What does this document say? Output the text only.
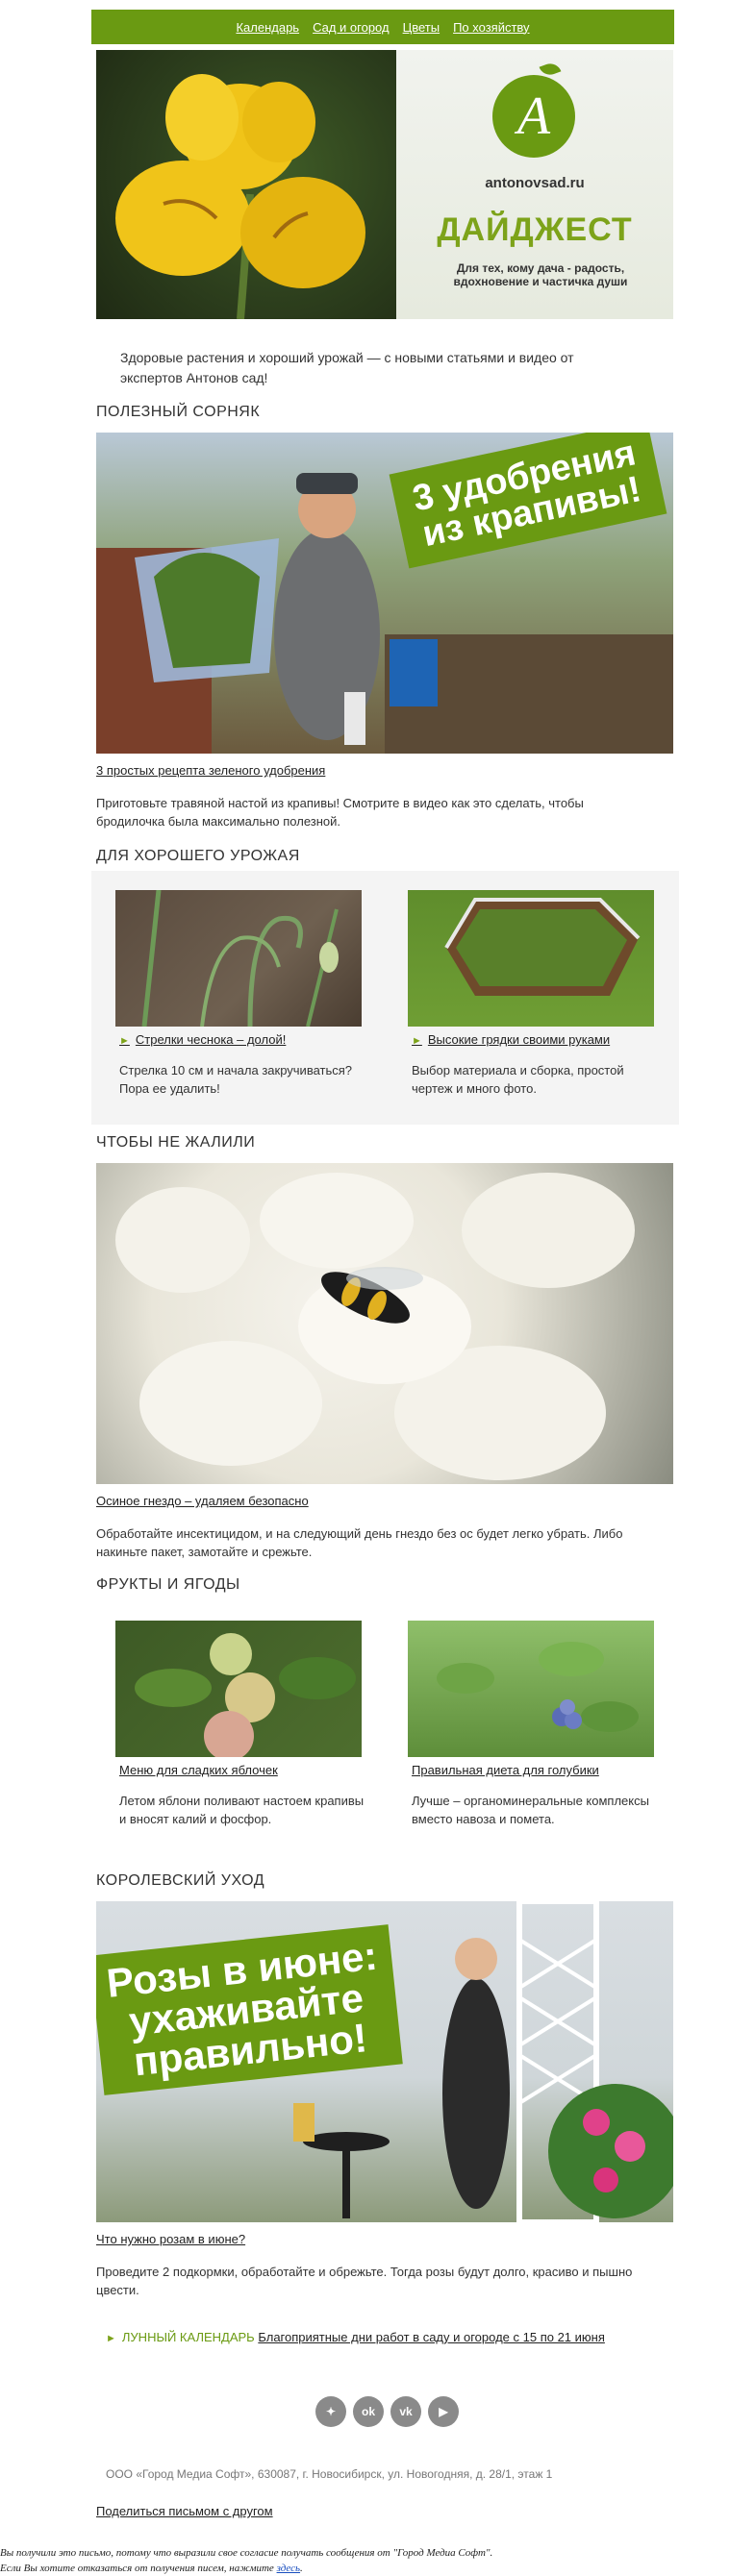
Календарь Сад и огород Цветы По хозяйству
А
antonovsad.ru
ДАЙДЖЕСТ
Для тех, кому дача - радость, вдохновение и частичка души
Здоровые растения и хороший урожай — с новыми статьями и видео от экспертов Антонов сад!
ПОЛЕЗНЫЙ СОРНЯК
3 удобрения из крапивы!
3 простых рецепта зеленого удобрения
Приготовьте травяной настой из крапивы! Смотрите в видео как это сделать, чтобы бродилочка была максимально полезной.
ДЛЯ ХОРОШЕГО УРОЖАЯ
► Стрелки чеснока – долой!
Стрелка 10 см и начала закручиваться? Пора ее удалить!
► Высокие грядки своими руками
Выбор материала и сборка, простой чертеж и много фото.
ЧТОБЫ НЕ ЖАЛИЛИ
Осиное гнездо – удаляем безопасно
Обработайте инсектицидом, и на следующий день гнездо без ос будет легко убрать. Либо накиньте пакет, замотайте и срежьте.
ФРУКТЫ И ЯГОДЫ
Меню для сладких яблочек
Летом яблони поливают настоем крапивы и вносят калий и фосфор.
Правильная диета для голубики
Лучше – органоминеральные комплексы вместо навоза и помета.
КОРОЛЕВСКИЙ УХОД
Розы в июне: ухаживайте правильно!
Что нужно розам в июне?
Проведите 2 подкормки, обработайте и обрежьте. Тогда розы будут долго, красиво и пышно цвести.
► ЛУННЫЙ КАЛЕНДАРЬ Благоприятные дни работ в саду и огороде с 15 по 21 июня
✦	ok	vk	▶
ООО «Город Медиа Софт», 630087, г. Новосибирск, ул. Новогодняя, д. 28/1, этаж 1
Поделиться письмом с другом
Вы получили это письмо, потому что выразили свое согласие получать сообщения от "Город Медиа Софт".
Если Вы хотите отказаться от получения писем, нажмите здесь.
